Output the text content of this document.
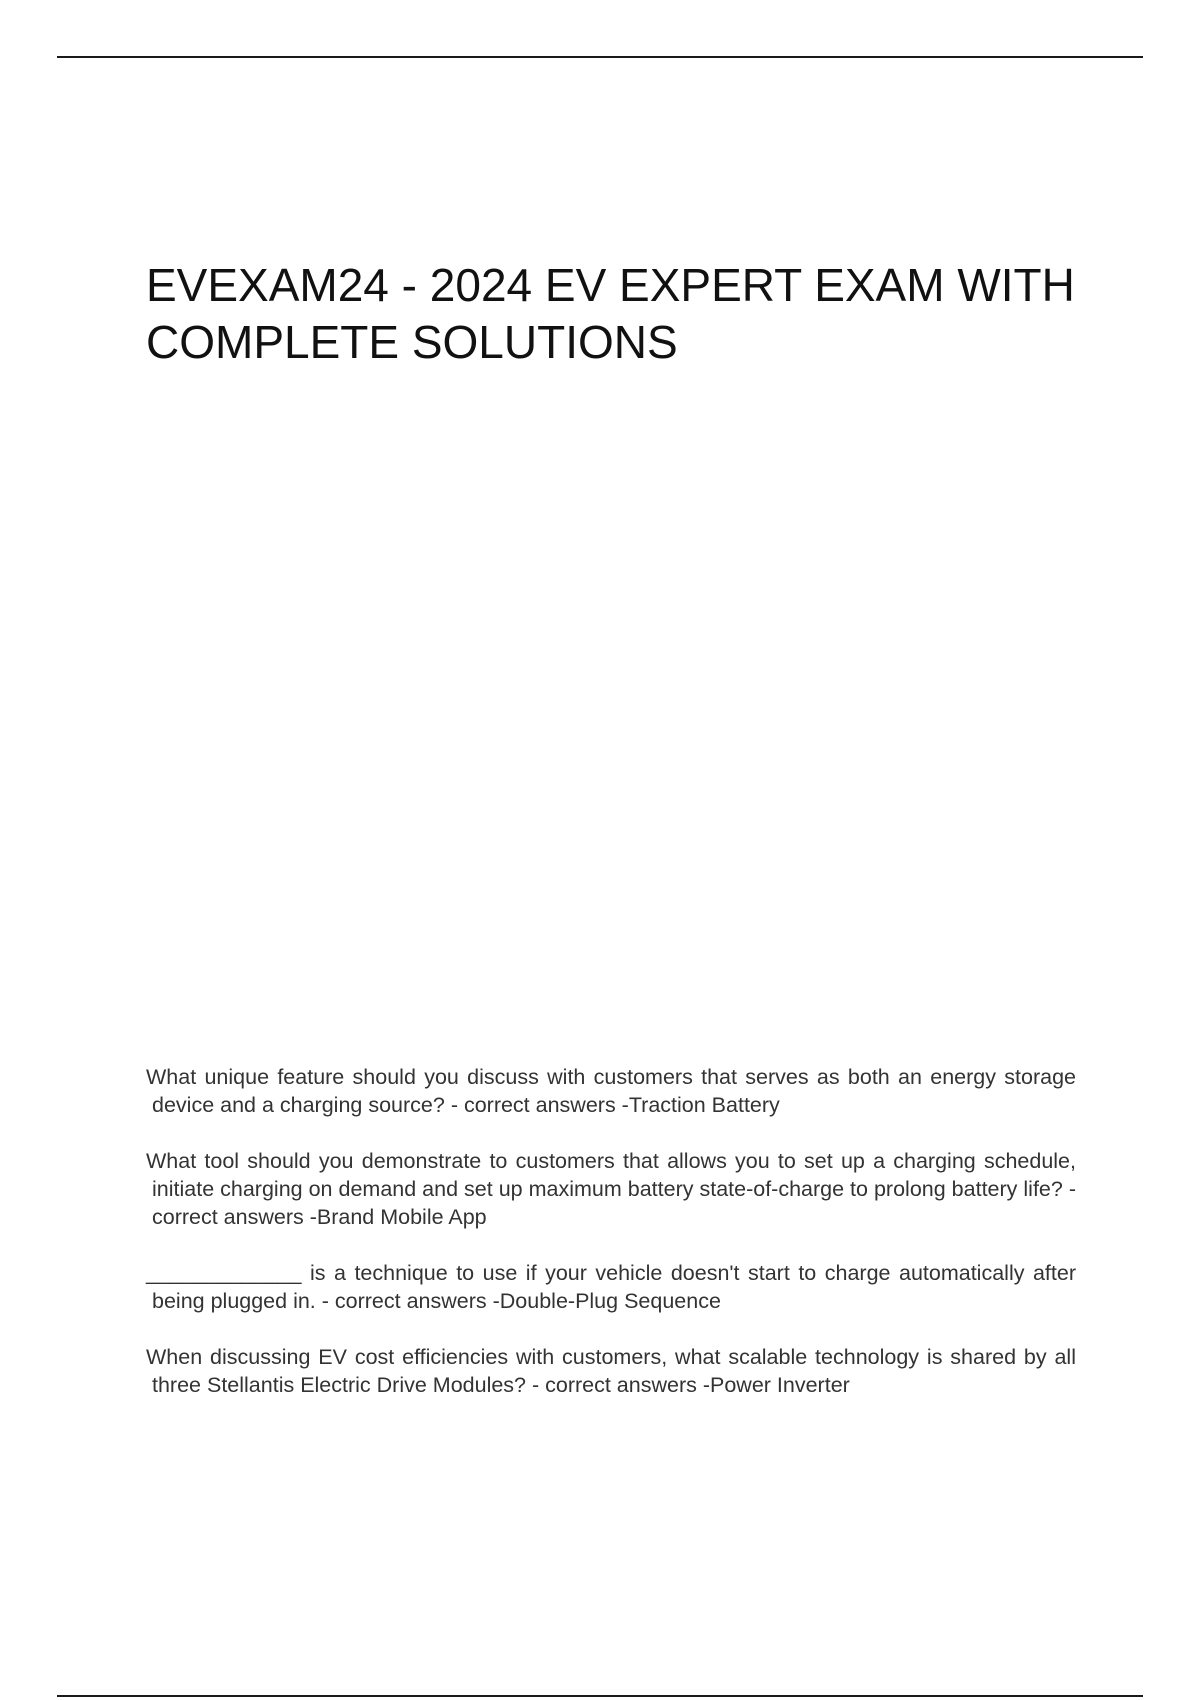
EVEXAM24 - 2024 EV EXPERT EXAM WITH COMPLETE SOLUTIONS
What unique feature should you discuss with customers that serves as both an energy storage device and a charging source? - correct answers -Traction Battery
What tool should you demonstrate to customers that allows you to set up a charging schedule, initiate charging on demand and set up maximum battery state-of-charge to prolong battery life? - correct answers -Brand Mobile App
_____________ is a technique to use if your vehicle doesn't start to charge automatically after being plugged in. - correct answers -Double-Plug Sequence
When discussing EV cost efficiencies with customers, what scalable technology is shared by all three Stellantis Electric Drive Modules? - correct answers -Power Inverter
